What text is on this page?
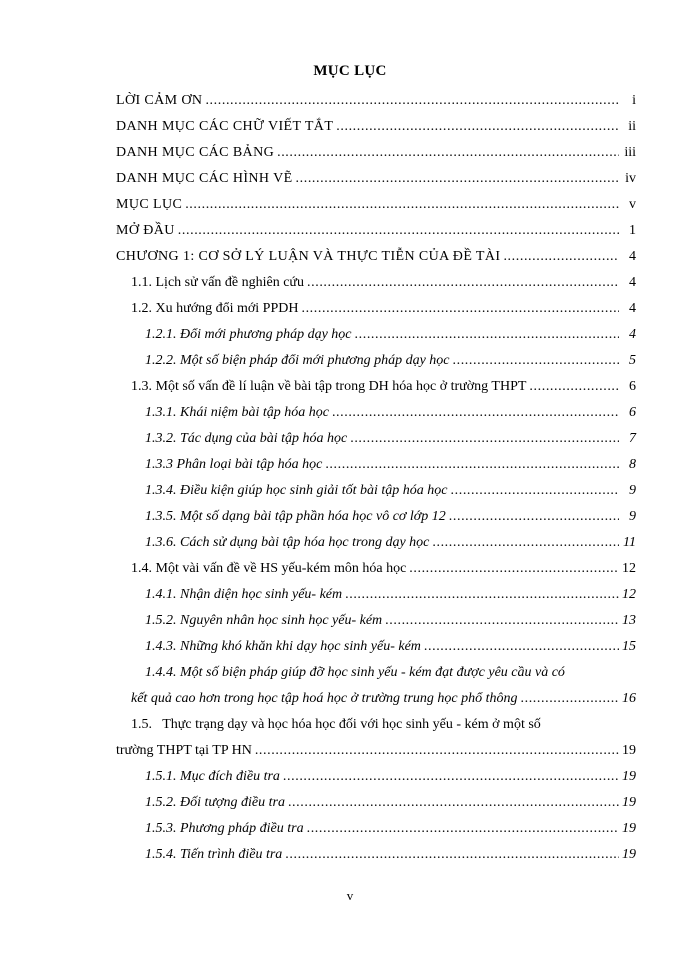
MỤC LỤC
LỜI CẢM ƠN .....	i
DANH MỤC CÁC CHỮ VIẾT TẮT .....	ii
DANH MỤC CÁC BẢNG .....	iii
DANH MỤC CÁC HÌNH VẼ .....	iv
MỤC LỤC .....	v
MỞ ĐẦU .....	1
CHƯƠNG 1: CƠ SỞ LÝ LUẬN VÀ THỰC TIỄN CỦA ĐỀ TÀI .....	4
1.1. Lịch sử vấn đề nghiên cứu .....	4
1.2. Xu hướng đổi mới PPDH .....	4
1.2.1. Đổi mới phương pháp dạy học .....	4
1.2.2. Một số biện pháp đổi mới phương pháp dạy học .....	5
1.3. Một số vấn đề lí luận về bài tập trong DH hóa học ở trường THPT .....	6
1.3.1. Khái niệm bài tập hóa học .....	6
1.3.2. Tác dụng của bài tập hóa học .....	7
1.3.3 Phân loại bài tập hóa học .....	8
1.3.4. Điều kiện giúp học sinh giải tốt bài tập hóa học .....	9
1.3.5. Một số dạng bài tập phần hóa học vô cơ lớp 12 .....	9
1.3.6. Cách sử dụng bài tập hóa học trong dạy học .....	11
1.4. Một vài vấn đề về HS yếu-kém môn hóa học .....	12
1.4.1. Nhận diện học sinh yếu- kém .....	12
1.5.2. Nguyên nhân học sinh học yếu- kém .....	13
1.4.3. Những khó khăn khi dạy học sinh yếu- kém .....	15
1.4.4. Một số biện pháp giúp đỡ học sinh yếu - kém đạt được yêu cầu và có
kết quả cao hơn trong học tập hoá học ở trường trung học phổ thông .....	16
1.5.   Thực trạng dạy và học hóa học đối với học sinh yếu - kém ở một số
trường THPT tại TP HN .....	19
1.5.1. Mục đích điều tra .....	19
1.5.2. Đối tượng điều tra .....	19
1.5.3. Phương pháp điều tra .....	19
1.5.4. Tiến trình điều tra .....	19
v
